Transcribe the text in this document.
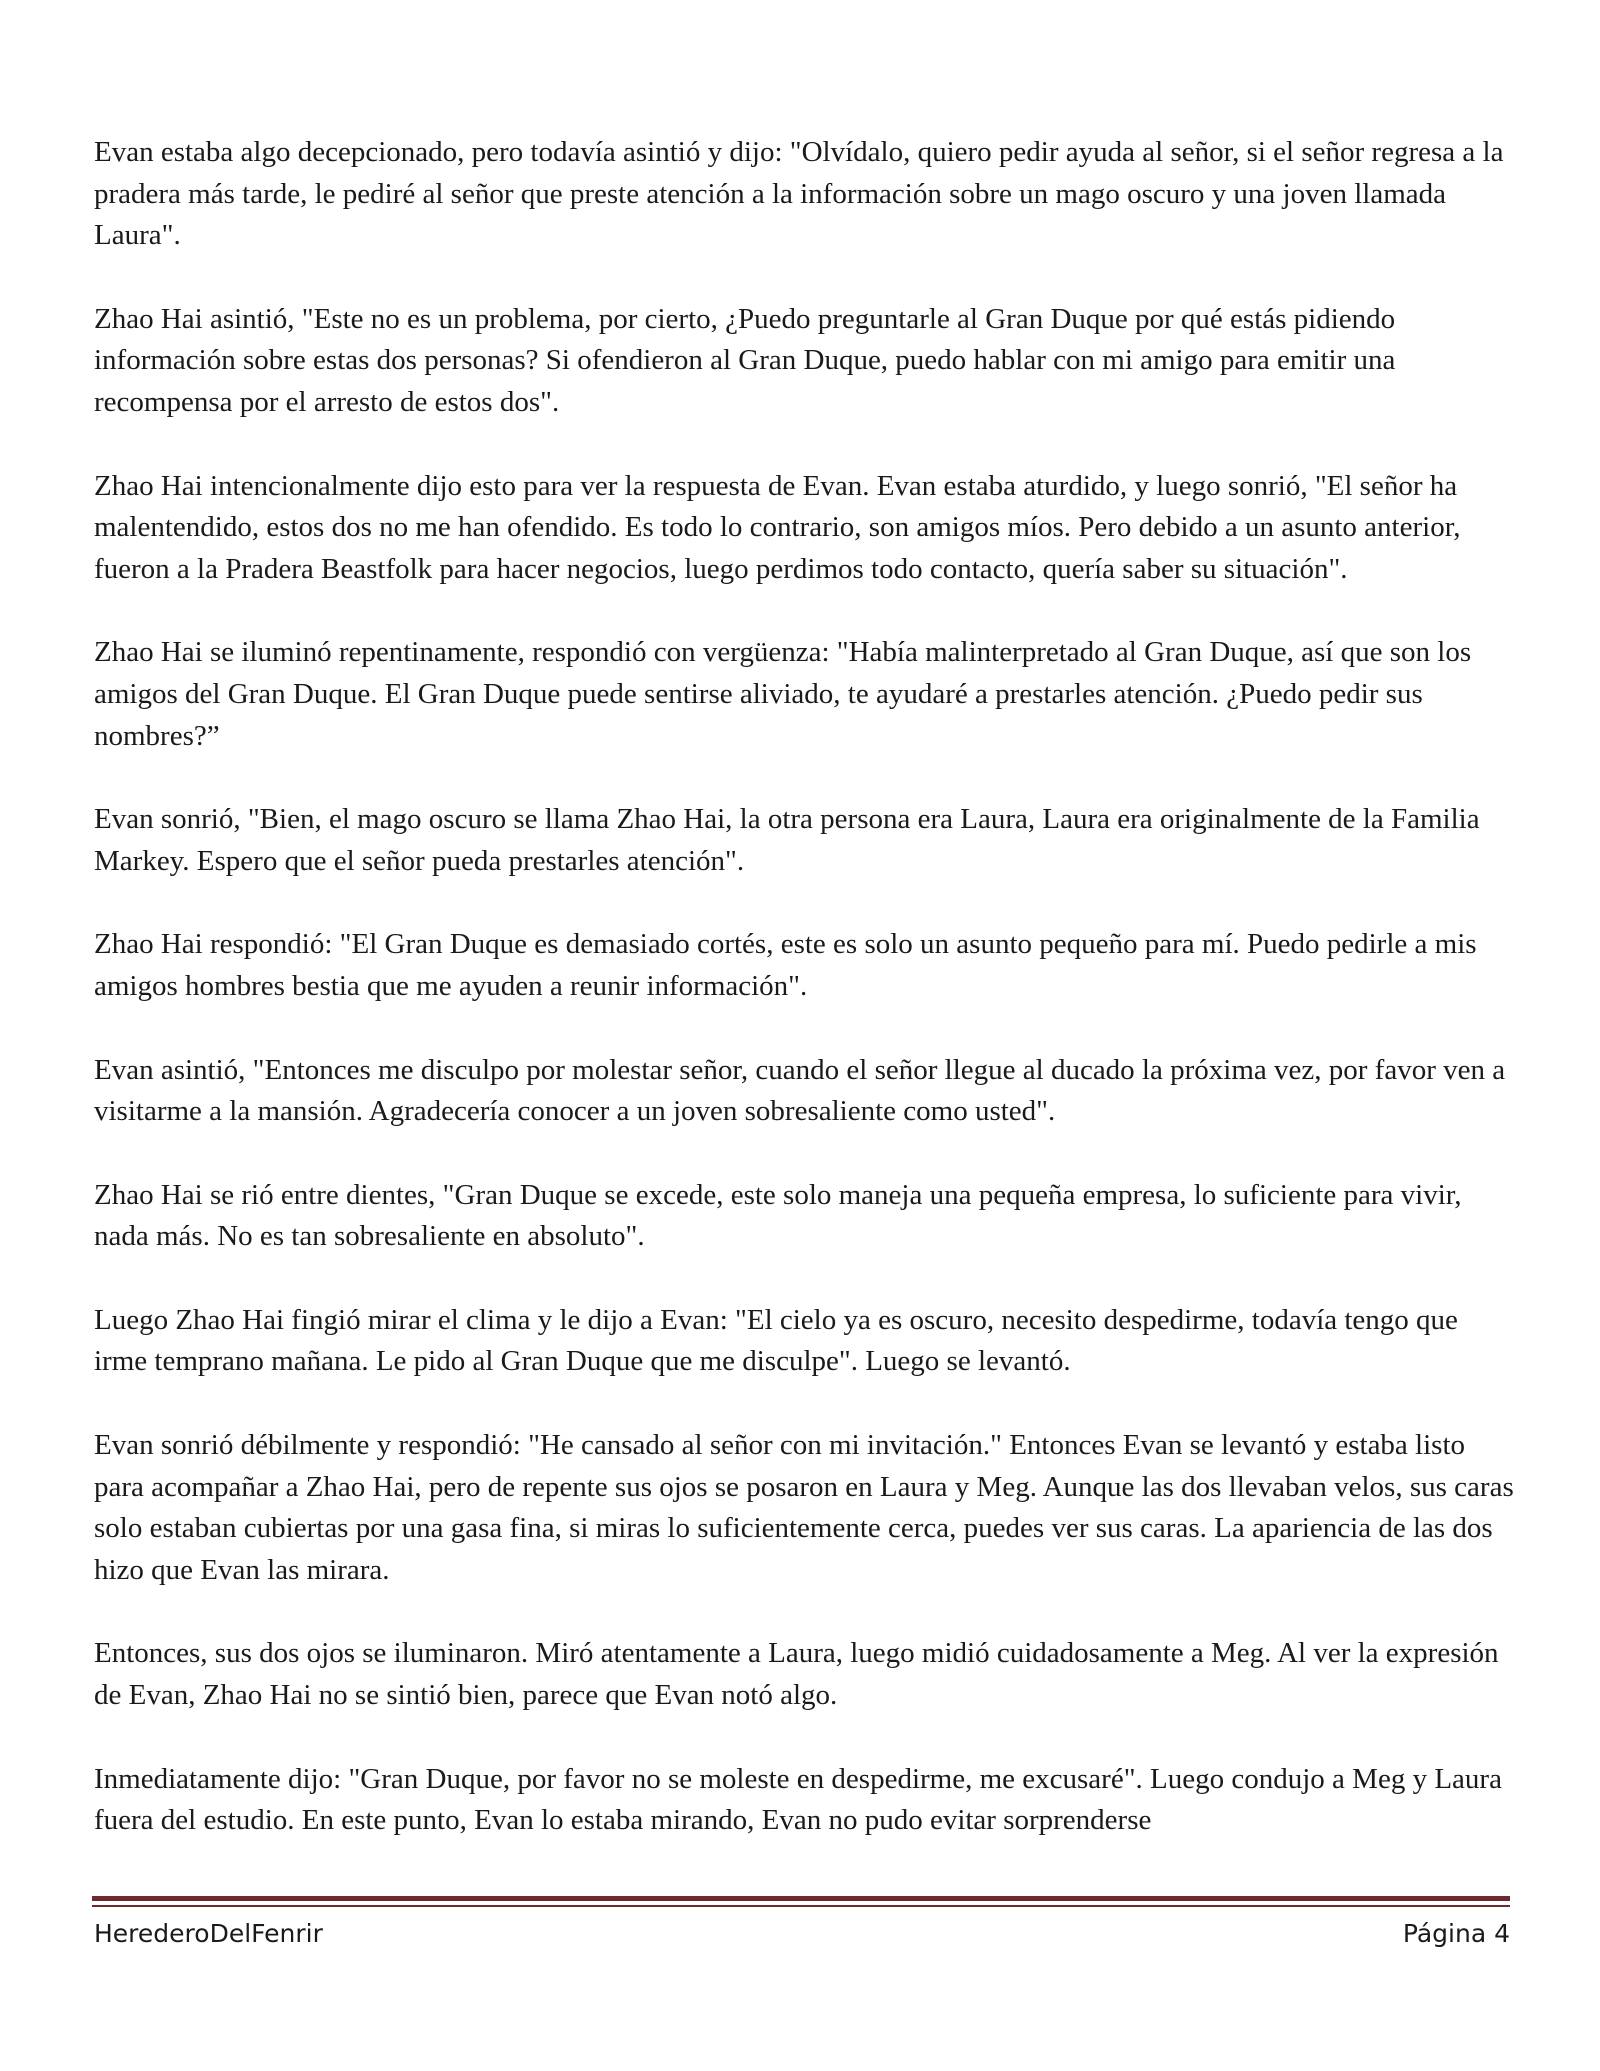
Evan estaba algo decepcionado, pero todavía asintió y dijo: "Olvídalo, quiero pedir ayuda al señor, si el señor regresa a la pradera más tarde, le pediré al señor que preste atención a la información sobre un mago oscuro y una joven llamada Laura".

Zhao Hai asintió, "Este no es un problema, por cierto, ¿Puedo preguntarle al Gran Duque por qué estás pidiendo información sobre estas dos personas? Si ofendieron al Gran Duque, puedo hablar con mi amigo para emitir una recompensa por el arresto de estos dos".

Zhao Hai intencionalmente dijo esto para ver la respuesta de Evan. Evan estaba aturdido, y luego sonrió, "El señor ha malentendido, estos dos no me han ofendido. Es todo lo contrario, son amigos míos. Pero debido a un asunto anterior, fueron a la Pradera Beastfolk para hacer negocios, luego perdimos todo contacto, quería saber su situación".

Zhao Hai se iluminó repentinamente, respondió con vergüenza: "Había malinterpretado al Gran Duque, así que son los amigos del Gran Duque. El Gran Duque puede sentirse aliviado, te ayudaré a prestarles atención. ¿Puedo pedir sus nombres?”

Evan sonrió, "Bien, el mago oscuro se llama Zhao Hai, la otra persona era Laura, Laura era originalmente de la Familia Markey. Espero que el señor pueda prestarles atención".

Zhao Hai respondió: "El Gran Duque es demasiado cortés, este es solo un asunto pequeño para mí. Puedo pedirle a mis amigos hombres bestia que me ayuden a reunir información".

Evan asintió, "Entonces me disculpo por molestar señor, cuando el señor llegue al ducado la próxima vez, por favor ven a visitarme a la mansión. Agradecería conocer a un joven sobresaliente como usted".

Zhao Hai se rió entre dientes, "Gran Duque se excede, este solo maneja una pequeña empresa, lo suficiente para vivir, nada más. No es tan sobresaliente en absoluto".

Luego Zhao Hai fingió mirar el clima y le dijo a Evan: "El cielo ya es oscuro, necesito despedirme, todavía tengo que irme temprano mañana. Le pido al Gran Duque que me disculpe". Luego se levantó.

Evan sonrió débilmente y respondió: "He cansado al señor con mi invitación." Entonces Evan se levantó y estaba listo para acompañar a Zhao Hai, pero de repente sus ojos se posaron en Laura y Meg. Aunque las dos llevaban velos, sus caras solo estaban cubiertas por una gasa fina, si miras lo suficientemente cerca, puedes ver sus caras. La apariencia de las dos hizo que Evan las mirara.

Entonces, sus dos ojos se iluminaron. Miró atentamente a Laura, luego midió cuidadosamente a Meg. Al ver la expresión de Evan, Zhao Hai no se sintió bien, parece que Evan notó algo.

Inmediatamente dijo: "Gran Duque, por favor no se moleste en despedirme, me excusaré". Luego condujo a Meg y Laura fuera del estudio. En este punto, Evan lo estaba mirando, Evan no pudo evitar sorprenderse

HerederoDelFenrir	Página 4
